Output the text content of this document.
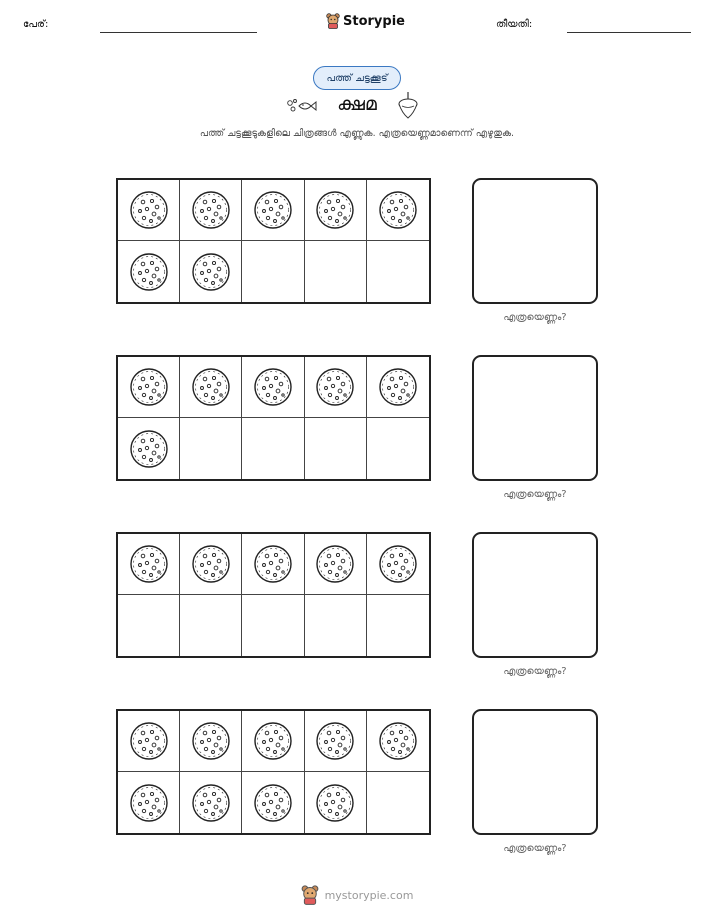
പേര്:	Storypie	തീയതി:
പത്ത് ചട്ടക്കൂട്
ക്ഷമ
പത്ത് ചട്ടക്കൂടുകളിലെ ചിത്രങ്ങൾ എണ്ണുക. എത്രയെണ്ണമാണെന്ന് എഴുതുക.
എത്രയെണ്ണം?
എത്രയെണ്ണം?
എത്രയെണ്ണം?
എത്രയെണ്ണം?
mystorypie.com
